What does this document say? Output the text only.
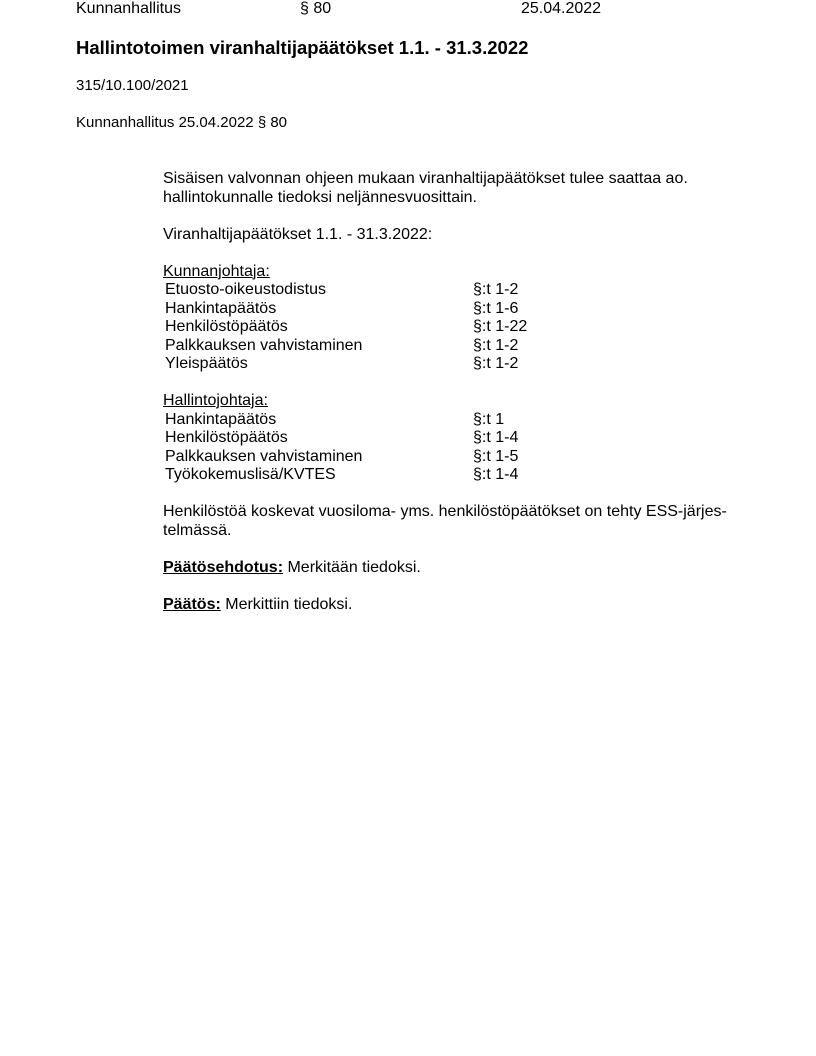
Kunnanhallitus	§ 80	25.04.2022
Hallintotoimen viranhaltijapäätökset 1.1. - 31.3.2022
315/10.100/2021
Kunnanhallitus 25.04.2022 § 80

Sisäisen valvonnan ohjeen mukaan viranhaltijapäätökset tulee saattaa ao.
hallintokunnalle tiedoksi neljännesvuosittain.

Viranhaltijapäätökset 1.1. - 31.3.2022:

Kunnanjohtaja:
Etuosto-oikeustodistus	§:t 1-2
Hankintapäätös	§:t 1-6
Henkilöstöpäätös	§:t 1-22
Palkkauksen vahvistaminen	§:t 1-2
Yleispäätös	§:t 1-2
Hallintojohtaja:
Hankintapäätös	§:t 1
Henkilöstöpäätös	§:t 1-4
Palkkauksen vahvistaminen	§:t 1-5
Työkokemuslisä/KVTES	§:t 1-4

Henkilöstöä koskevat vuosiloma- yms. henkilöstöpäätökset on tehty ESS-järjes-
telmässä.

Päätösehdotus: Merkitään tiedoksi.

Päätös: Merkittiin tiedoksi.
